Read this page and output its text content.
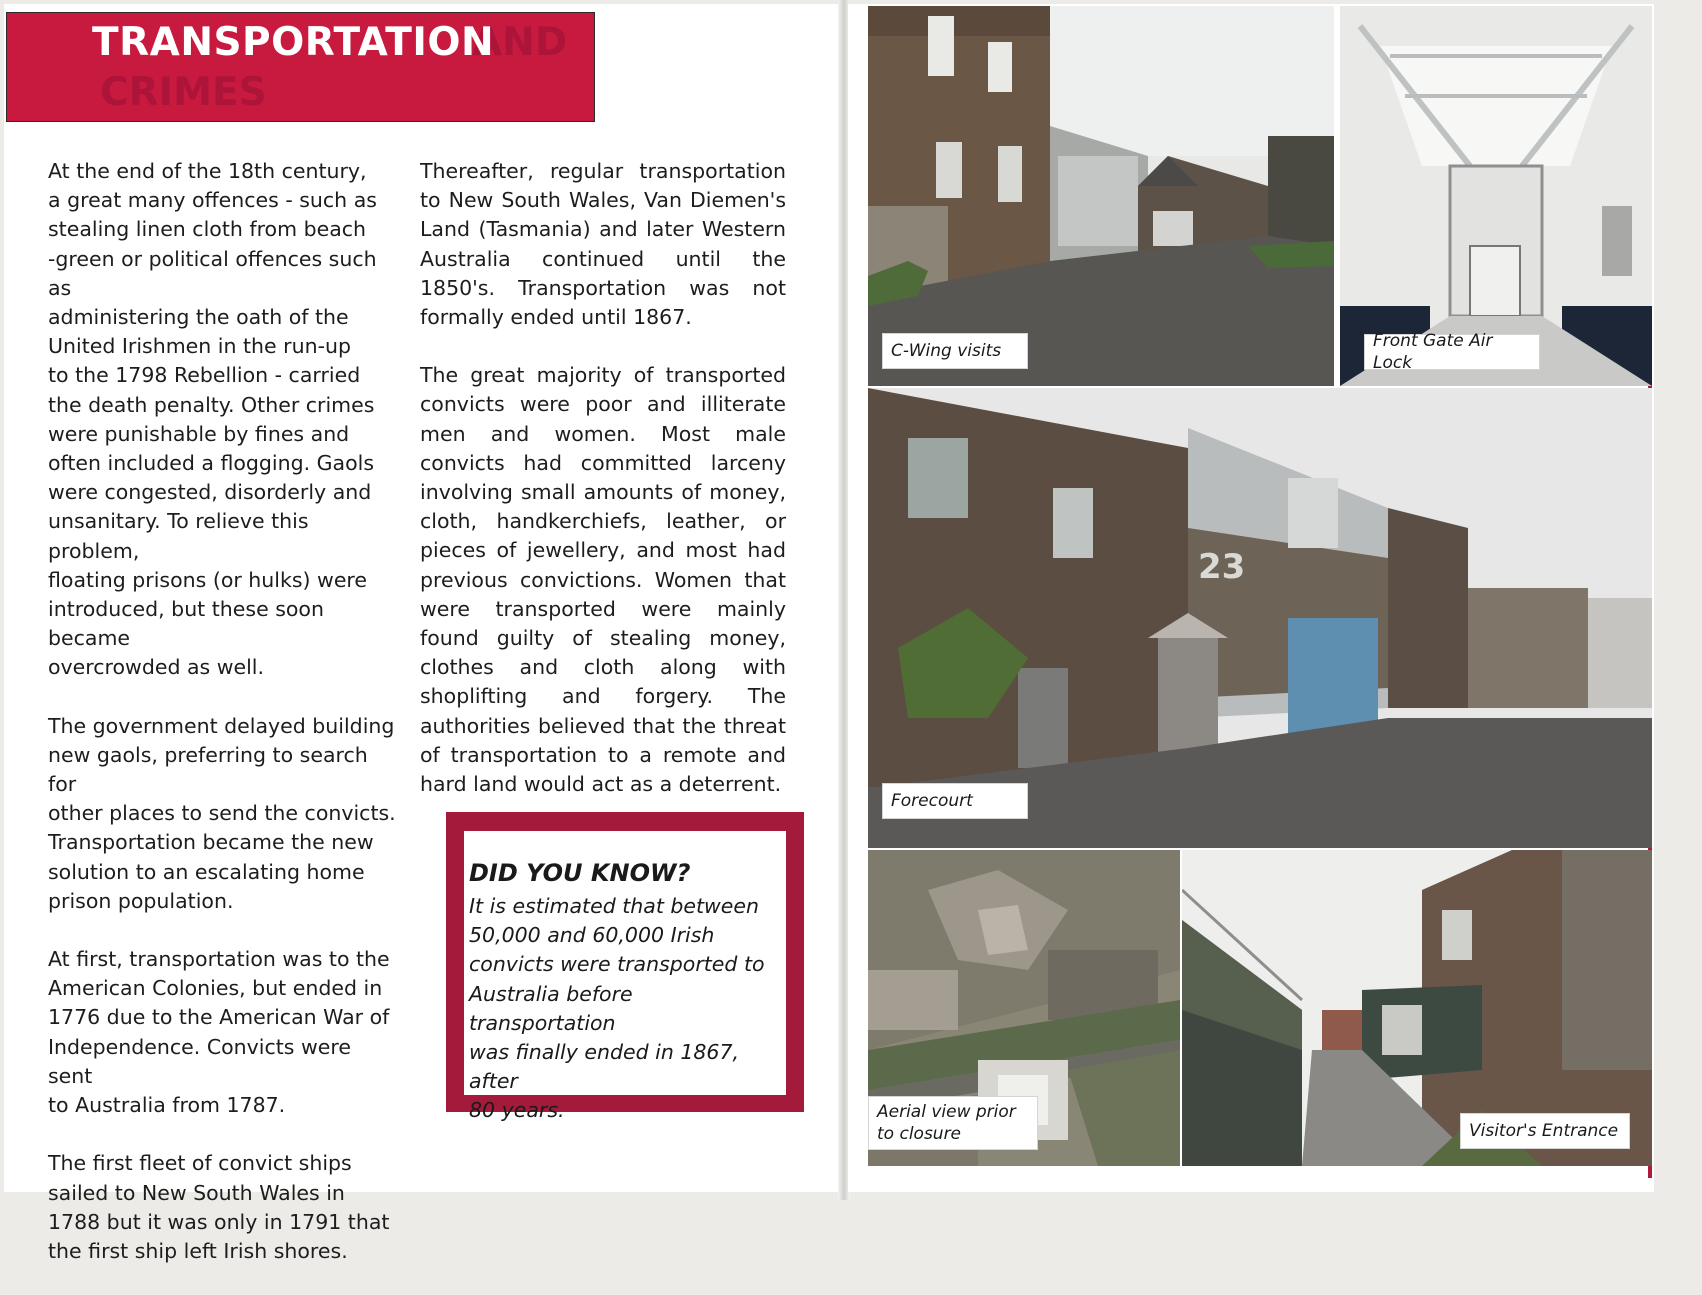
AND
CRIMES
TRANSPORTATION

At the end of the 18th century,
a great many offences - such as
stealing linen cloth from beach
-green or political offences such as
administering the oath of the
United Irishmen in the run-up
to the 1798 Rebellion - carried
the death penalty. Other crimes
were punishable by fines and
often included a flogging. Gaols
were congested, disorderly and
unsanitary. To relieve this problem,
floating prisons (or hulks) were
introduced, but these soon became
overcrowded as well.

The government delayed building
new gaols, preferring to search for
other places to send the convicts.
Transportation became the new
solution to an escalating home
prison population.

At first, transportation was to the
American Colonies, but ended in
1776 due to the American War of
Independence. Convicts were sent
to Australia from 1787.

The first fleet of convict ships
sailed to New South Wales in
1788 but it was only in 1791 that
the first ship left Irish shores.

Thereafter, regular transportation to New South Wales, Van Diemen's Land (Tasmania) and later Western Australia continued until the 1850's. Transportation was not formally ended until 1867.

The great majority of transported convicts were poor and illiterate men and women. Most male convicts had committed larceny involving small amounts of money, cloth, handkerchiefs, leather, or pieces of jewellery, and most had previous convictions. Women that were transported were mainly found guilty of stealing money, clothes and cloth along with shoplifting and forgery. The authorities believed that the threat of transportation to a remote and hard land would act as a deterrent.

DID YOU KNOW?
It is estimated that between
50,000 and 60,000 Irish
convicts were transported to
Australia before transportation
was finally ended in 1867, after
80 years.
C-Wing visits	Front Gate Air Lock
23
Forecourt
Aerial view prior
to closure	Visitor's Entrance
